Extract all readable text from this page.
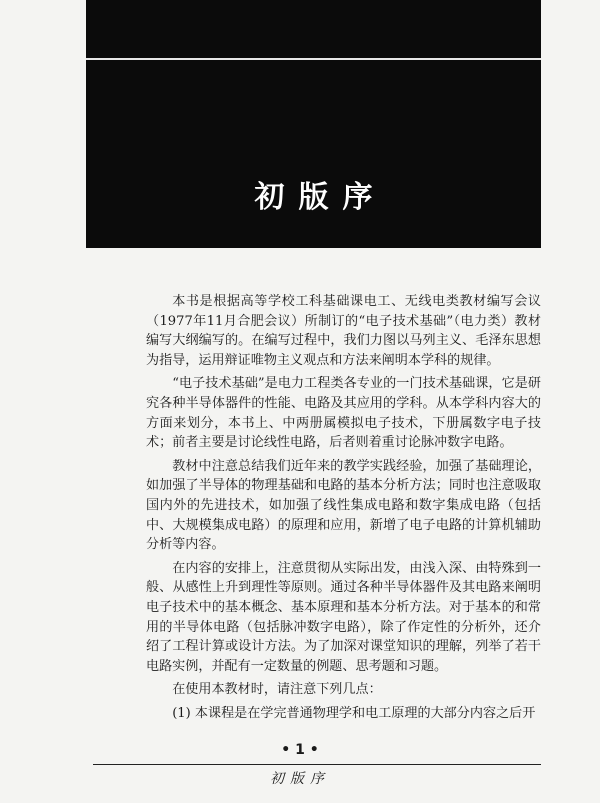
初版序

本书是根据高等学校工科基础课电工、无线电类教材编写会议（1977年11月合肥会议）所制订的“电子技术基础”（电力类）教材编写大纲编写的。在编写过程中，我们力图以马列主义、毛泽东思想为指导，运用辩证唯物主义观点和方法来阐明本学科的规律。

“电子技术基础”是电力工程类各专业的一门技术基础课，它是研究各种半导体器件的性能、电路及其应用的学科。从本学科内容大的方面来划分，本书上、中两册属模拟电子技术，下册属数字电子技术；前者主要是讨论线性电路，后者则着重讨论脉冲数字电路。

教材中注意总结我们近年来的教学实践经验，加强了基础理论，如加强了半导体的物理基础和电路的基本分析方法；同时也注意吸取国内外的先进技术，如加强了线性集成电路和数字集成电路（包括中、大规模集成电路）的原理和应用，新增了电子电路的计算机辅助分析等内容。

在内容的安排上，注意贯彻从实际出发，由浅入深、由特殊到一般、从感性上升到理性等原则。通过各种半导体器件及其电路来阐明电子技术中的基本概念、基本原理和基本分析方法。对于基本的和常用的半导体电路（包括脉冲数字电路），除了作定性的分析外，还介绍了工程计算或设计方法。为了加深对课堂知识的理解，列举了若干电路实例，并配有一定数量的例题、思考题和习题。

在使用本教材时，请注意下列几点：

(1) 本课程是在学完普通物理学和电工原理的大部分内容之后开

• 1 •
初版序
